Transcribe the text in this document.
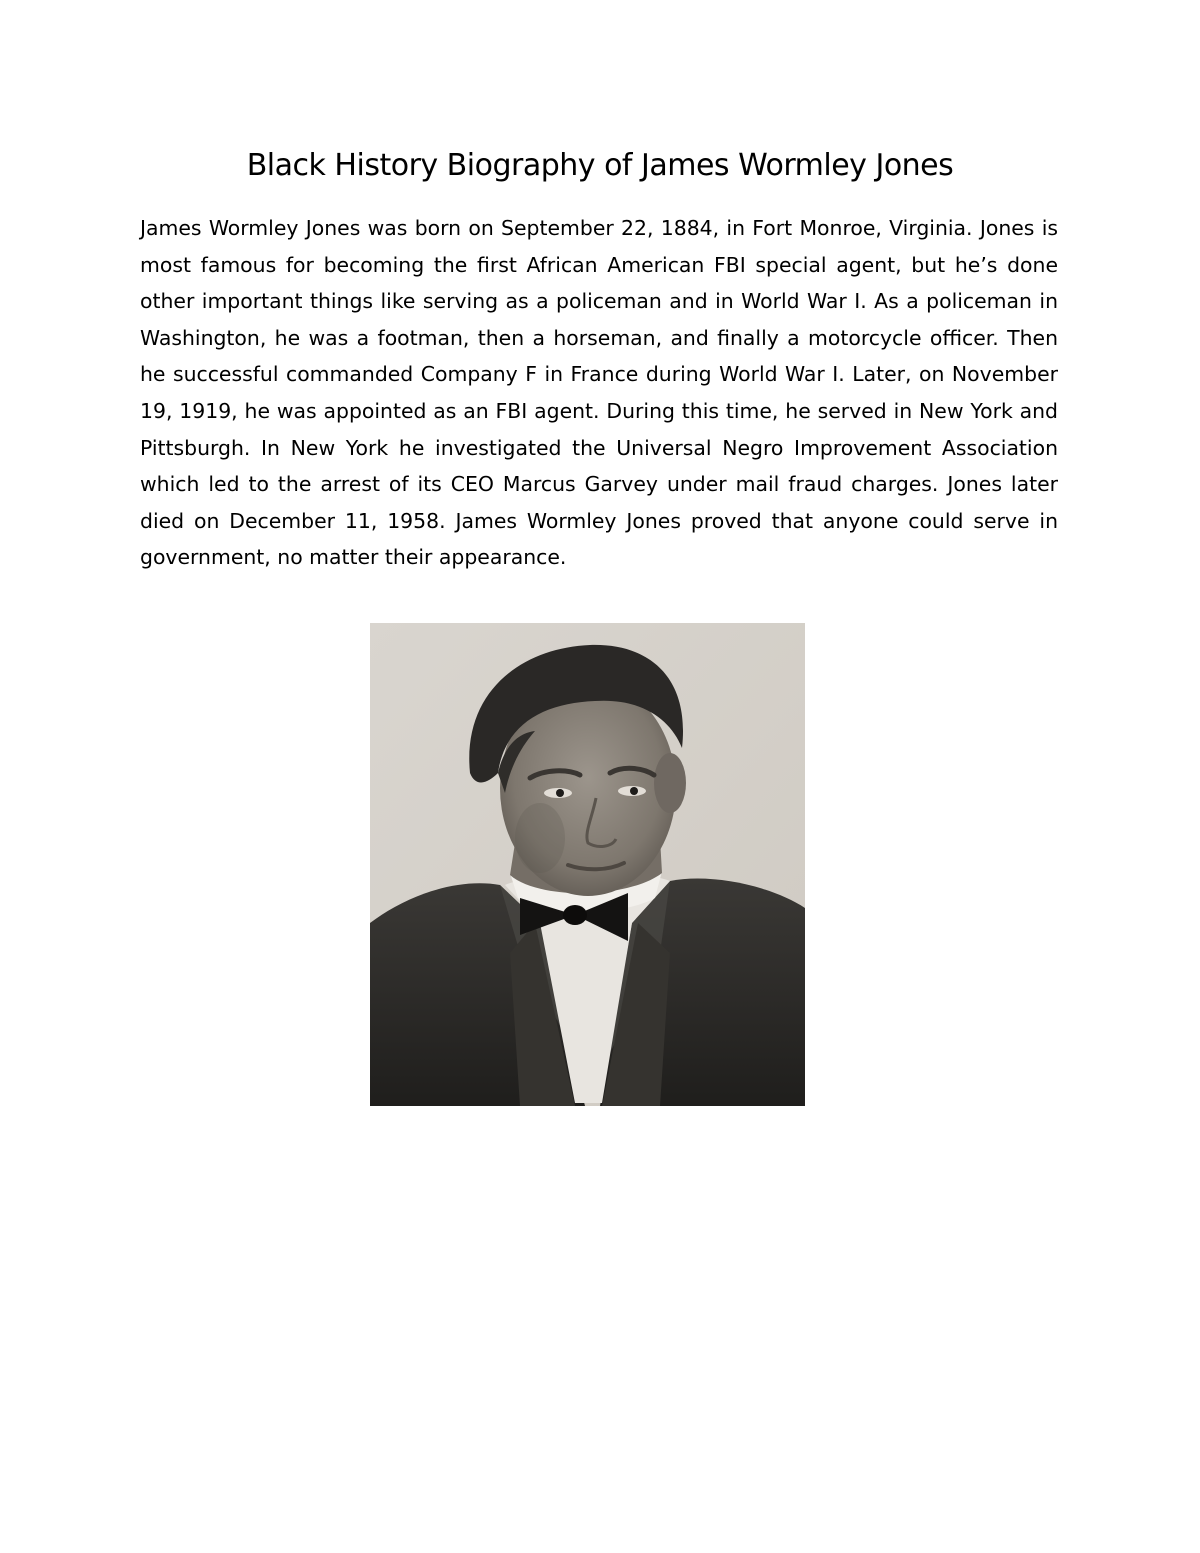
Black History Biography of James Wormley Jones

James Wormley Jones was born on September 22, 1884, in Fort Monroe, Virginia. Jones is most famous for becoming the first African American FBI special agent, but he’s done other important things like serving as a policeman and in World War I. As a policeman in Washington, he was a footman, then a horseman, and finally a motorcycle officer. Then he successful commanded Company F in France during World War I. Later, on November 19, 1919, he was appointed as an FBI agent. During this time, he served in New York and Pittsburgh. In New York he investigated the Universal Negro Improvement Association which led to the arrest of its CEO Marcus Garvey under mail fraud charges. Jones later died on December 11, 1958. James Wormley Jones proved that anyone could serve in government, no matter their appearance.
